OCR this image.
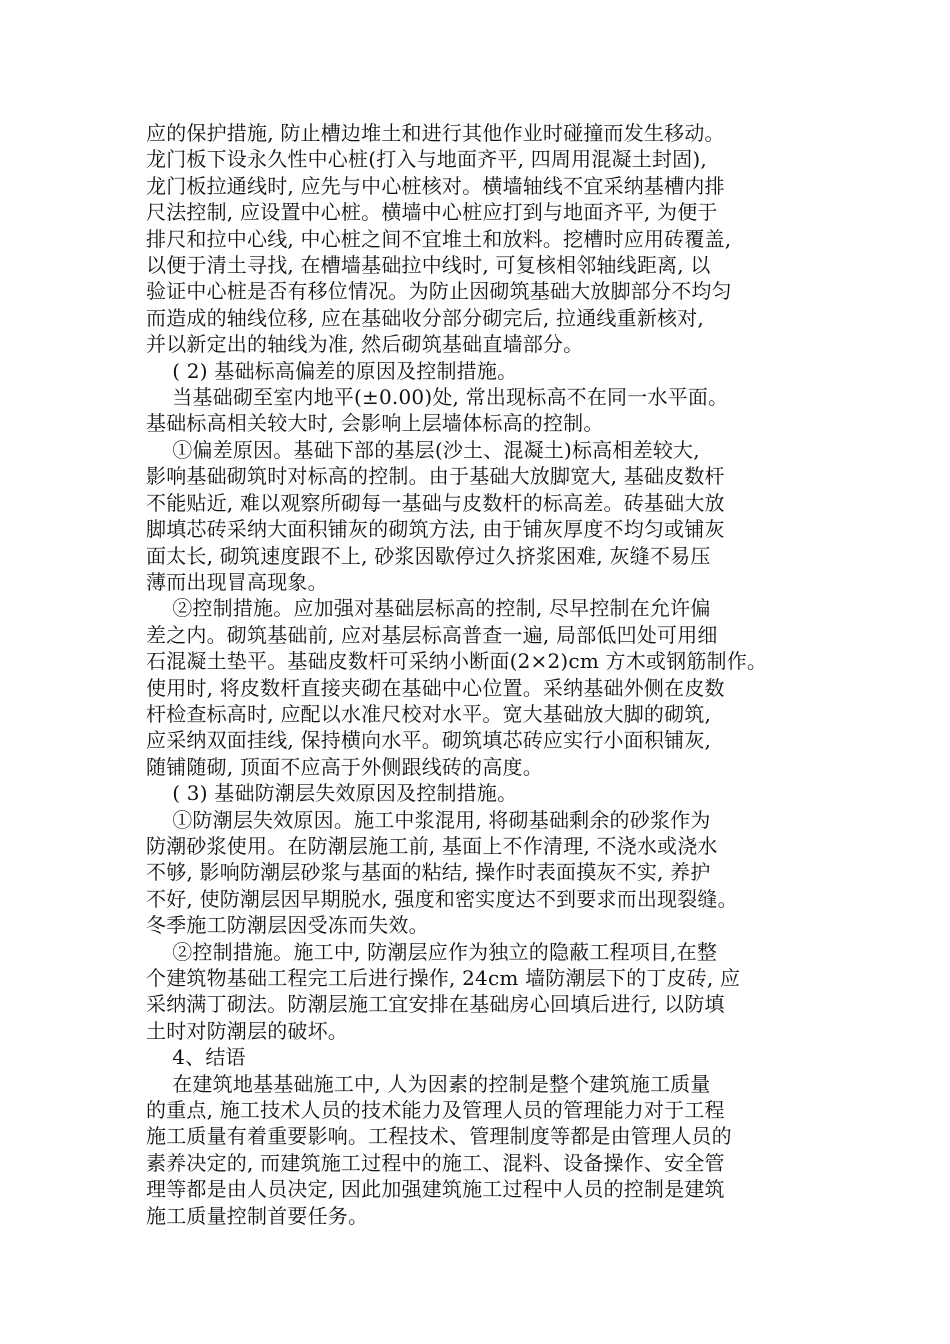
应的保护措施, 防止槽边堆土和进行其他作业时碰撞而发生移动。
龙门板下设永久性中心桩(打入与地面齐平, 四周用混凝土封固),
龙门板拉通线时, 应先与中心桩核对。横墙轴线不宜采纳基槽内排
尺法控制, 应设置中心桩。横墙中心桩应打到与地面齐平, 为便于
排尺和拉中心线, 中心桩之间不宜堆土和放料。挖槽时应用砖覆盖,
以便于清土寻找, 在槽墙基础拉中线时, 可复核相邻轴线距离, 以
验证中心桩是否有移位情况。为防止因砌筑基础大放脚部分不均匀
而造成的轴线位移, 应在基础收分部分砌完后, 拉通线重新核对,
并以新定出的轴线为准, 然后砌筑基础直墙部分。
( 2) 基础标高偏差的原因及控制措施。
当基础砌至室内地平(±0.00)处, 常出现标高不在同一水平面。
基础标高相关较大时, 会影响上层墙体标高的控制。
①偏差原因。基础下部的基层(沙土、混凝土)标高相差较大,
影响基础砌筑时对标高的控制。由于基础大放脚宽大, 基础皮数杆
不能贴近, 难以观察所砌每一基础与皮数杆的标高差。砖基础大放
脚填芯砖采纳大面积铺灰的砌筑方法, 由于铺灰厚度不均匀或铺灰
面太长, 砌筑速度跟不上, 砂浆因歇停过久挤浆困难, 灰缝不易压
薄而出现冒高现象。
②控制措施。应加强对基础层标高的控制, 尽早控制在允许偏
差之内。砌筑基础前, 应对基层标高普查一遍, 局部低凹处可用细
石混凝土垫平。基础皮数杆可采纳小断面(2×2)cm 方木或钢筋制作。
使用时, 将皮数杆直接夹砌在基础中心位置。采纳基础外侧在皮数
杆检查标高时, 应配以水准尺校对水平。宽大基础放大脚的砌筑,
应采纳双面挂线, 保持横向水平。砌筑填芯砖应实行小面积铺灰,
随铺随砌, 顶面不应高于外侧跟线砖的高度。
( 3) 基础防潮层失效原因及控制措施。
①防潮层失效原因。施工中浆混用, 将砌基础剩余的砂浆作为
防潮砂浆使用。在防潮层施工前, 基面上不作清理, 不浇水或浇水
不够, 影响防潮层砂浆与基面的粘结, 操作时表面摸灰不实, 养护
不好, 使防潮层因早期脱水, 强度和密实度达不到要求而出现裂缝。
冬季施工防潮层因受冻而失效。
②控制措施。施工中, 防潮层应作为独立的隐蔽工程项目,在整
个建筑物基础工程完工后进行操作, 24cm 墙防潮层下的丁皮砖, 应
采纳满丁砌法。防潮层施工宜安排在基础房心回填后进行, 以防填
土时对防潮层的破坏。
4、结语
在建筑地基基础施工中, 人为因素的控制是整个建筑施工质量
的重点, 施工技术人员的技术能力及管理人员的管理能力对于工程
施工质量有着重要影响。工程技术、管理制度等都是由管理人员的
素养决定的, 而建筑施工过程中的施工、混料、设备操作、安全管
理等都是由人员决定, 因此加强建筑施工过程中人员的控制是建筑
施工质量控制首要任务。
